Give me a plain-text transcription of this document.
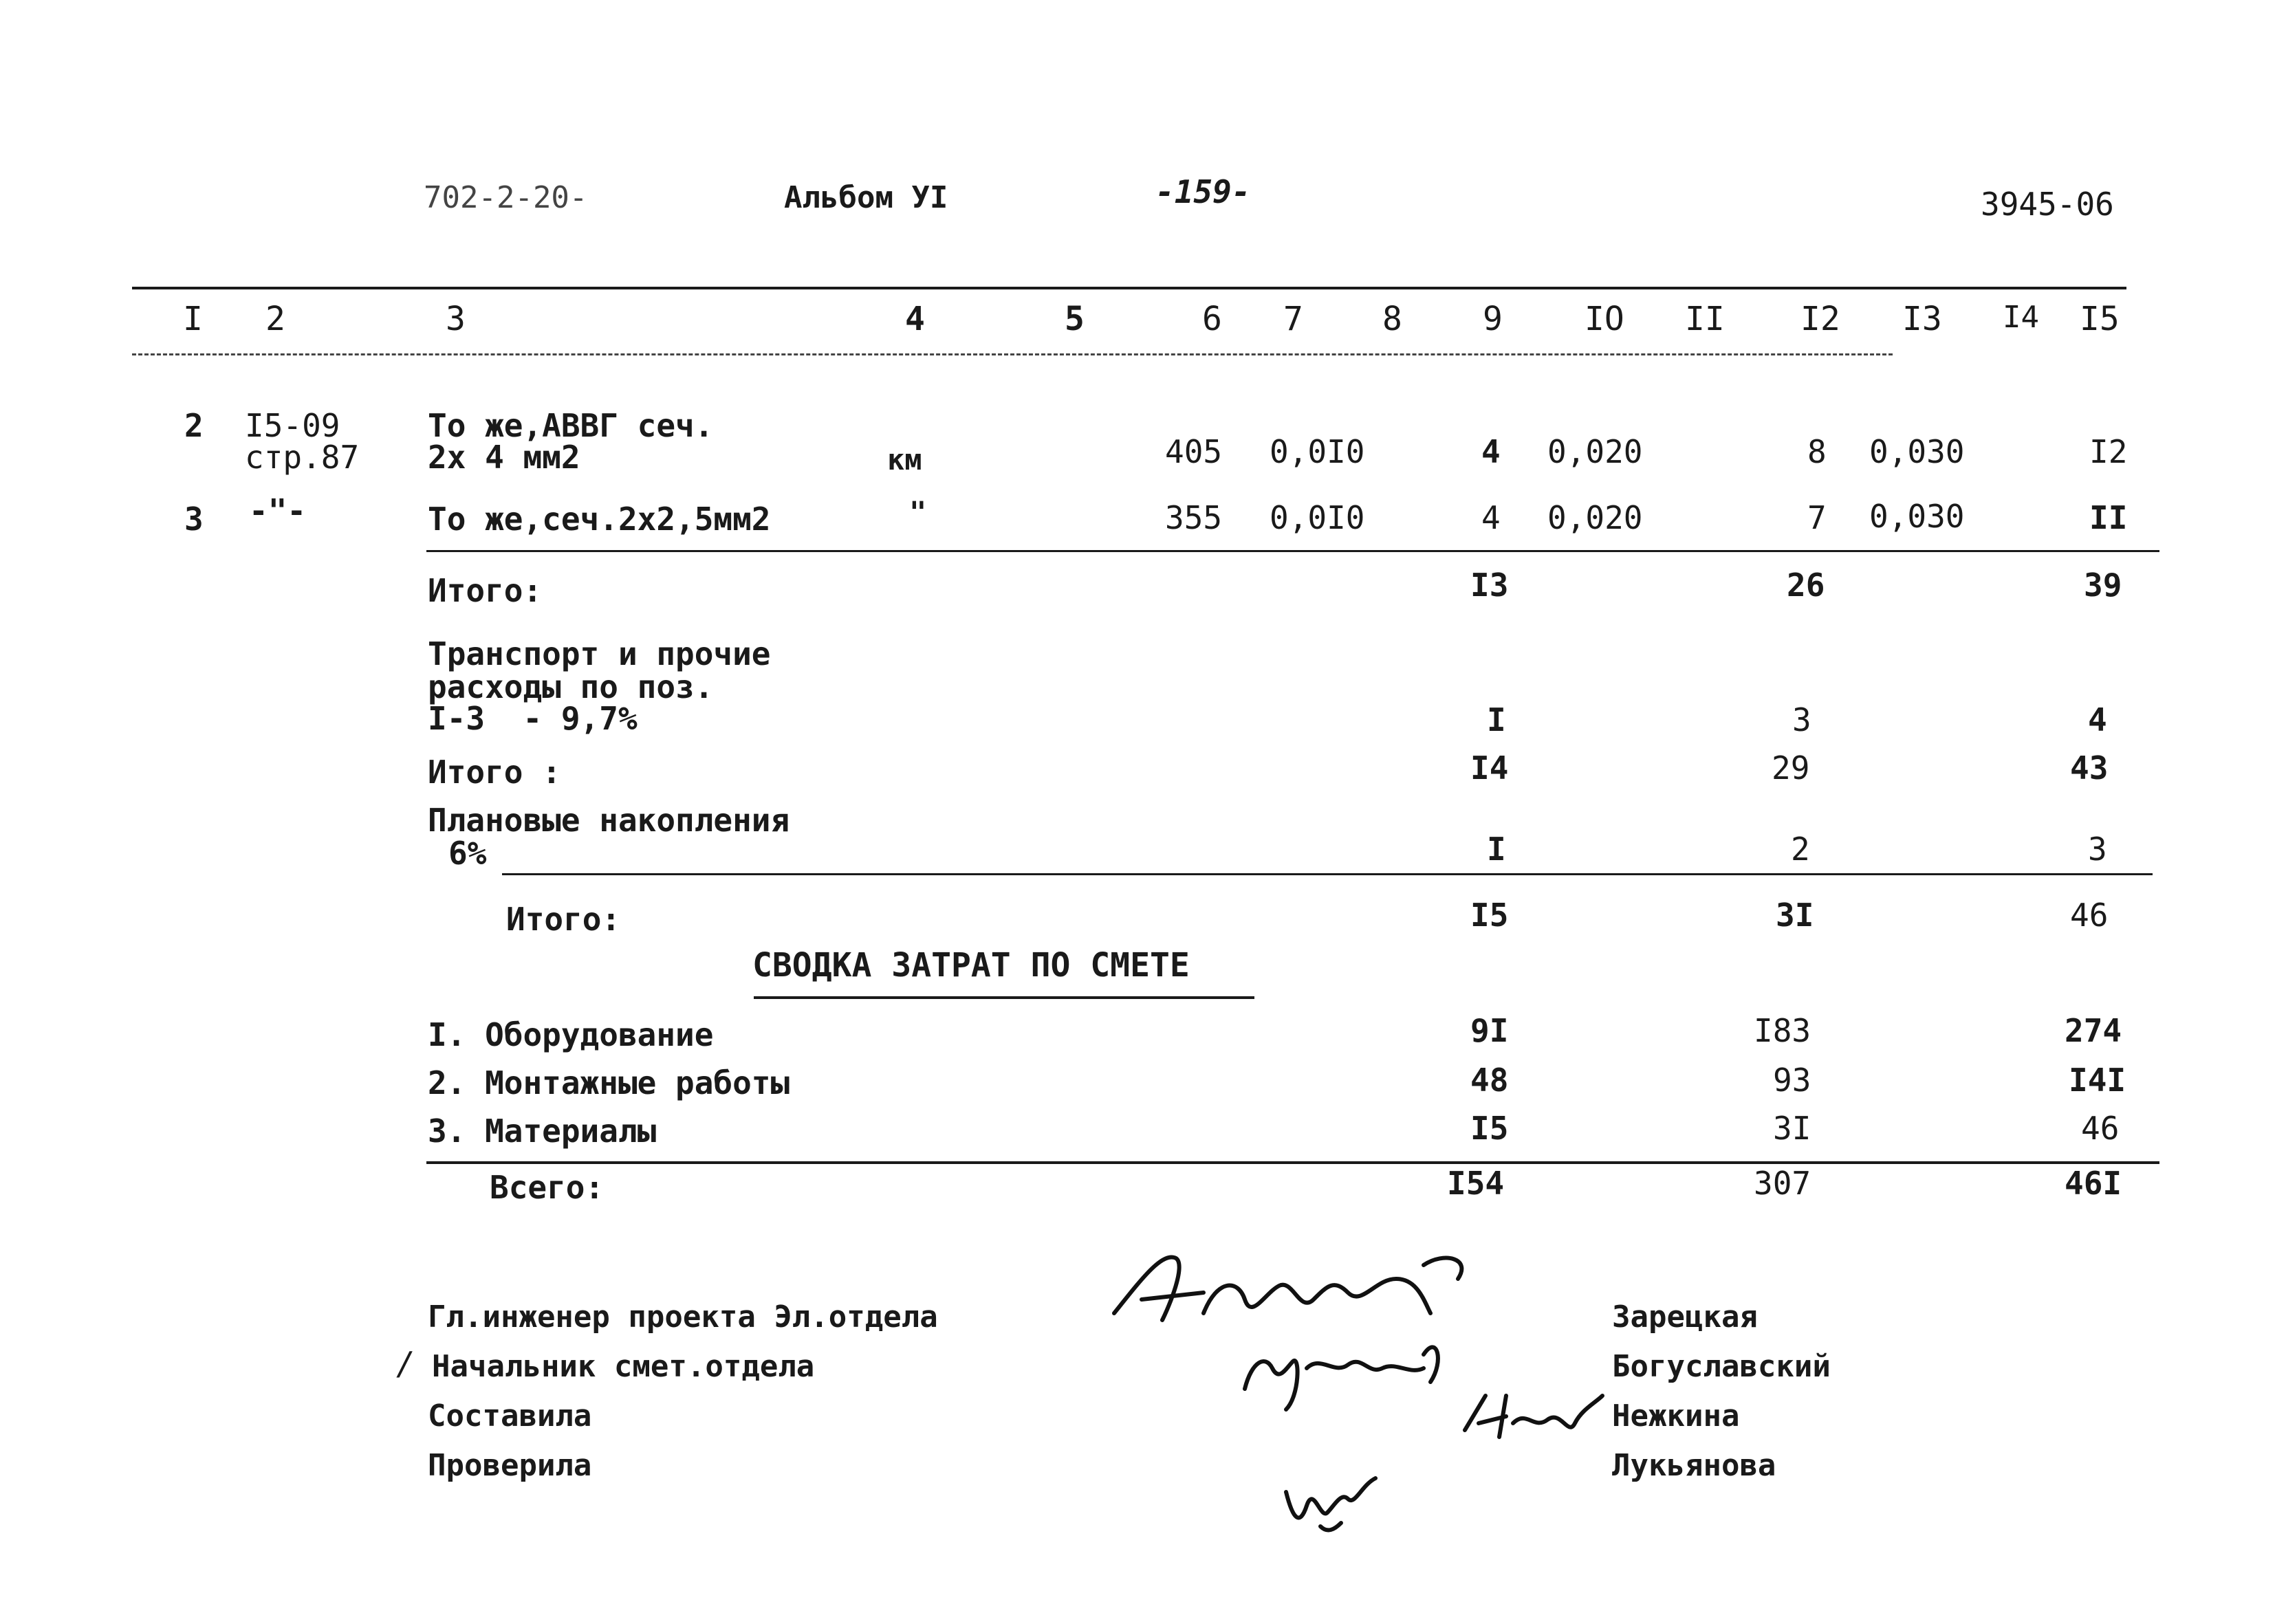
702-2-20-	Альбом УI	-159-	3945-06
I 2	3	4	5	6 7 8 9 IO II I2 I3 I4 I5
2 I5-09
стр.87
То же,АВВГ сеч.
2х 4 мм2	км	405 0,0I0	4 0,020	8 0,030	I2
3 -"-	То же,сеч.2х2,5мм2	"	355 0,0I0	4 0,020	7 0,030	II
Итого:	I3	26	39
Транспорт и прочие
расходы по поз.
I-3  - 9,7%	I	3	4
Итого :	I4	29	43
Плановые накопления
6%	I	2	3
Итого:	I5	3I	46
СВОДКА ЗАТРАТ ПО СМЕТЕ
I. Оборудование	9I	I83	274
2. Монтажные работы	48	93	I4I
3. Материалы	I5	3I	46
Всего:	I54	307	46I
Гл.инженер проекта Эл.отдела	Зарецкая
Начальник смет.отдела	Богуславский
Составила	Нежкина
Проверила	Лукьянова
/
